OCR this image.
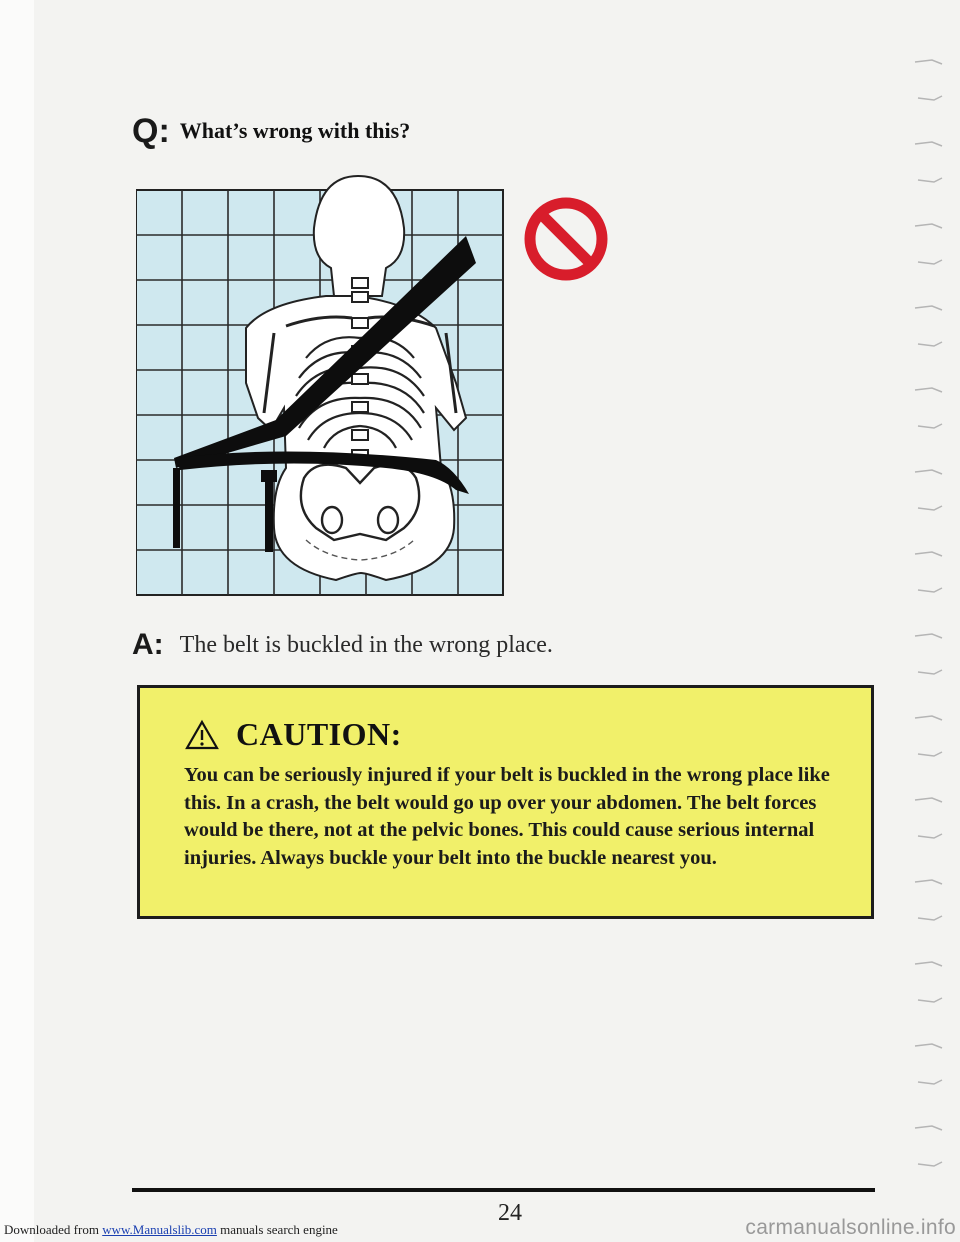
Q: What’s wrong with this?
A: The belt is buckled in the wrong place.
CAUTION:
You can be seriously injured if your belt is buckled in the wrong place like this. In a crash, the belt would go up over your abdomen. The belt forces would be there, not at the pelvic bones. This could cause serious internal injuries. Always buckle your belt into the buckle nearest you.
24
Downloaded from www.Manualslib.com manuals search engine	carmanualsonline.info
